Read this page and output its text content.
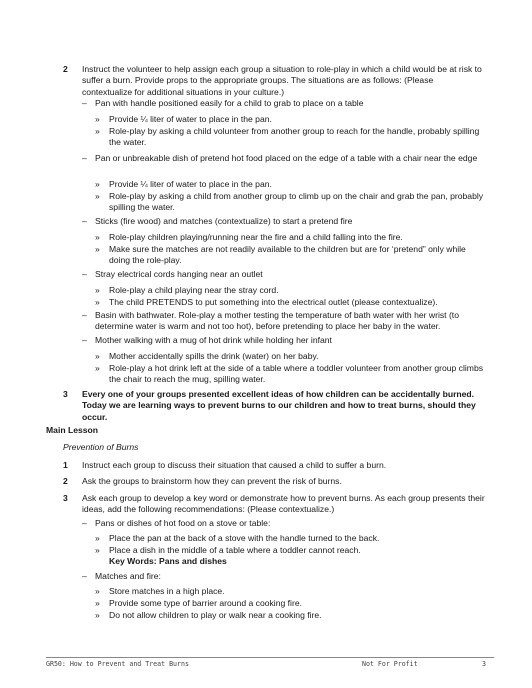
2 Instruct the volunteer to help assign each group a situation to role-play in which a child would be at risk to suffer a burn. Provide props to the appropriate groups. The situations are as follows: (Please contextualize for additional situations in your culture.)
– Pan with handle positioned easily for a child to grab to place on a table
» Provide ¼ liter of water to place in the pan.
» Role-play by asking a child volunteer from another group to reach for the handle, probably spilling the water.
– Pan or unbreakable dish of pretend hot food placed on the edge of a table with a chair near the edge
» Provide ¼ liter of water to place in the pan.
» Role-play by asking a child from another group to climb up on the chair and grab the pan, probably spilling the water.
– Sticks (fire wood) and matches (contextualize) to start a pretend fire
» Role-play children playing/running near the fire and a child falling into the fire.
» Make sure the matches are not readily available to the children but are for ‘pretend” only while doing the role-play.
– Stray electrical cords hanging near an outlet
» Role-play a child playing near the stray cord.
» The child PRETENDS to put something into the electrical outlet (please contextualize).
– Basin with bathwater. Role-play a mother testing the temperature of bath water with her wrist (to determine water is warm and not too hot), before pretending to place her baby in the water.
– Mother walking with a mug of hot drink while holding her infant
» Mother accidentally spills the drink (water) on her baby.
» Role-play a hot drink left at the side of a table where a toddler volunteer from another group climbs the chair to reach the mug, spilling water.
3 Every one of your groups presented excellent ideas of how children can be accidentally burned. Today we are learning ways to prevent burns to our children and how to treat burns, should they occur.
Main Lesson
Prevention of Burns
1 Instruct each group to discuss their situation that caused a child to suffer a burn.
2 Ask the groups to brainstorm how they can prevent the risk of burns.
3 Ask each group to develop a key word or demonstrate how to prevent burns. As each group presents their ideas, add the following recommendations: (Please contextualize.)
– Pans or dishes of hot food on a stove or table:
» Place the pan at the back of a stove with the handle turned to the back.
» Place a dish in the middle of a table where a toddler cannot reach.
Key Words: Pans and dishes
– Matches and fire:
» Store matches in a high place.
» Provide some type of barrier around a cooking fire.
» Do not allow children to play or walk near a cooking fire.
GR50: How to Prevent and Treat Burns	Not For Profit	3
